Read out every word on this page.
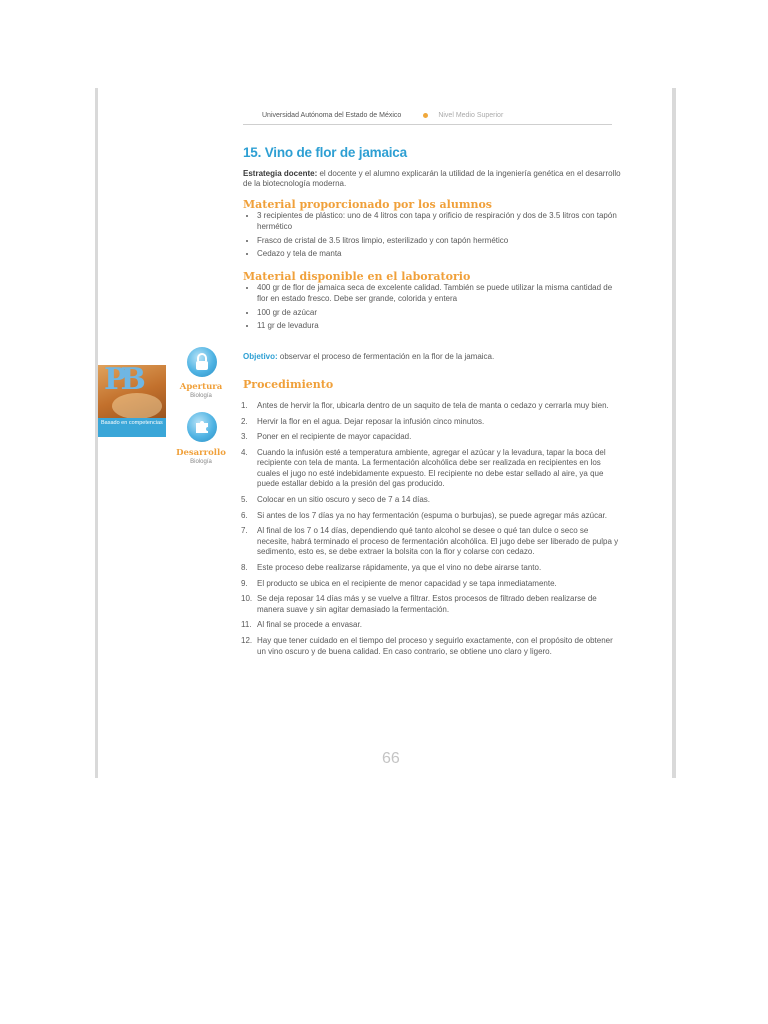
Universidad Autónoma del Estado de México	Nivel Medio Superior
PB
Basado en competencias
Apertura
Biología
Desarrollo
Biología
15. Vino de flor de jamaica

Estrategia docente: el docente y el alumno explicarán la utilidad de la ingeniería genética en el desarrollo de la biotecnología moderna.

Material proporcionado por los alumnos
• 3 recipientes de plástico: uno de 4 litros con tapa y orificio de respiración y dos de 3.5 litros con tapón hermético
• Frasco de cristal de 3.5 litros limpio, esterilizado y con tapón hermético
• Cedazo y tela de manta
Material disponible en el laboratorio
• 400 gr de flor de jamaica seca de excelente calidad. También se puede utilizar la misma cantidad de flor en estado fresco. Debe ser grande, colorida y entera
• 100 gr de azúcar
• 11 gr de levadura

Objetivo: observar el proceso de fermentación en la flor de la jamaica.

Procedimiento
1.	Antes de hervir la flor, ubicarla dentro de un saquito de tela de manta o cedazo y cerrarla muy bien.
2.	Hervir la flor en el agua. Dejar reposar la infusión cinco minutos.
3.	Poner en el recipiente de mayor capacidad.
4.	Cuando la infusión esté a temperatura ambiente, agregar el azúcar y la levadura, tapar la boca del recipiente con tela de manta. La fermentación alcohólica debe ser realizada en recipientes en los cuales el jugo no esté indebidamente expuesto. El recipiente no debe estar sellado al aire, ya que puede estallar debido a la presión del gas producido.
5.	Colocar en un sitio oscuro y seco de 7 a 14 días.
6.	Si antes de los 7 días ya no hay fermentación (espuma o burbujas), se puede agregar más azúcar.
7.	Al final de los 7 o 14 días, dependiendo qué tanto alcohol se desee o qué tan dulce o seco se necesite, habrá terminado el proceso de fermentación alcohólica. El jugo debe ser liberado de pulpa y sedimento, esto es, se debe extraer la bolsita con la flor y colarse con cedazo.
8.	Este proceso debe realizarse rápidamente, ya que el vino no debe airarse tanto.
9.	El producto se ubica en el recipiente de menor capacidad y se tapa inmediatamente.
10. Se deja reposar 14 días más y se vuelve a filtrar. Estos procesos de filtrado deben realizarse de manera suave y sin agitar demasiado la fermentación.
11. Al final se procede a envasar.
12. Hay que tener cuidado en el tiempo del proceso y seguirlo exactamente, con el propósito de obtener un vino oscuro y de buena calidad. En caso contrario, se obtiene uno claro y ligero.
66
